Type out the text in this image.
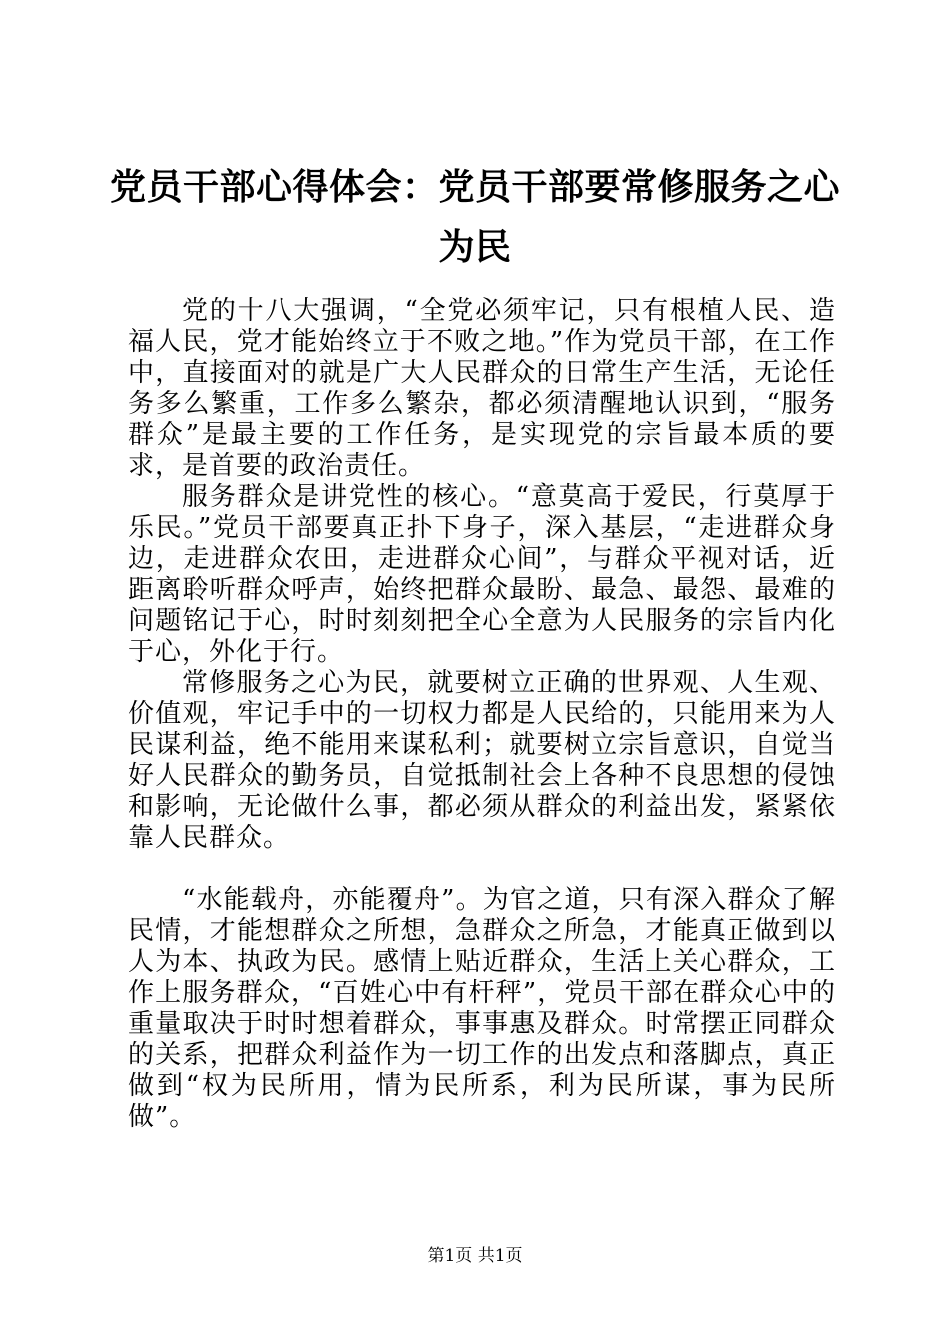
党员干部心得体会：党员干部要常修服务之心为民

党的十八大强调，“全党必须牢记，只有根植人民、造福人民，党才能始终立于不败之地。”作为党员干部，在工作中，直接面对的就是广大人民群众的日常生产生活，无论任务多么繁重，工作多么繁杂，都必须清醒地认识到，“服务群众”是最主要的工作任务，是实现党的宗旨最本质的要求，是首要的政治责任。

服务群众是讲党性的核心。“意莫高于爱民，行莫厚于乐民。”党员干部要真正扑下身子，深入基层，“走进群众身边，走进群众农田，走进群众心间”，与群众平视对话，近距离聆听群众呼声，始终把群众最盼、最急、最怨、最难的问题铭记于心，时时刻刻把全心全意为人民服务的宗旨内化于心，外化于行。

常修服务之心为民，就要树立正确的世界观、人生观、价值观，牢记手中的一切权力都是人民给的，只能用来为人民谋利益，绝不能用来谋私利；就要树立宗旨意识，自觉当好人民群众的勤务员，自觉抵制社会上各种不良思想的侵蚀和影响，无论做什么事，都必须从群众的利益出发，紧紧依靠人民群众。

“水能载舟，亦能覆舟”。为官之道，只有深入群众了解民情，才能想群众之所想，急群众之所急，才能真正做到以人为本、执政为民。感情上贴近群众，生活上关心群众，工作上服务群众，“百姓心中有杆秤”，党员干部在群众心中的重量取决于时时想着群众，事事惠及群众。时常摆正同群众的关系，把群众利益作为一切工作的出发点和落脚点，真正做到“权为民所用，情为民所系，利为民所谋，事为民所做”。

第1页 共1页
